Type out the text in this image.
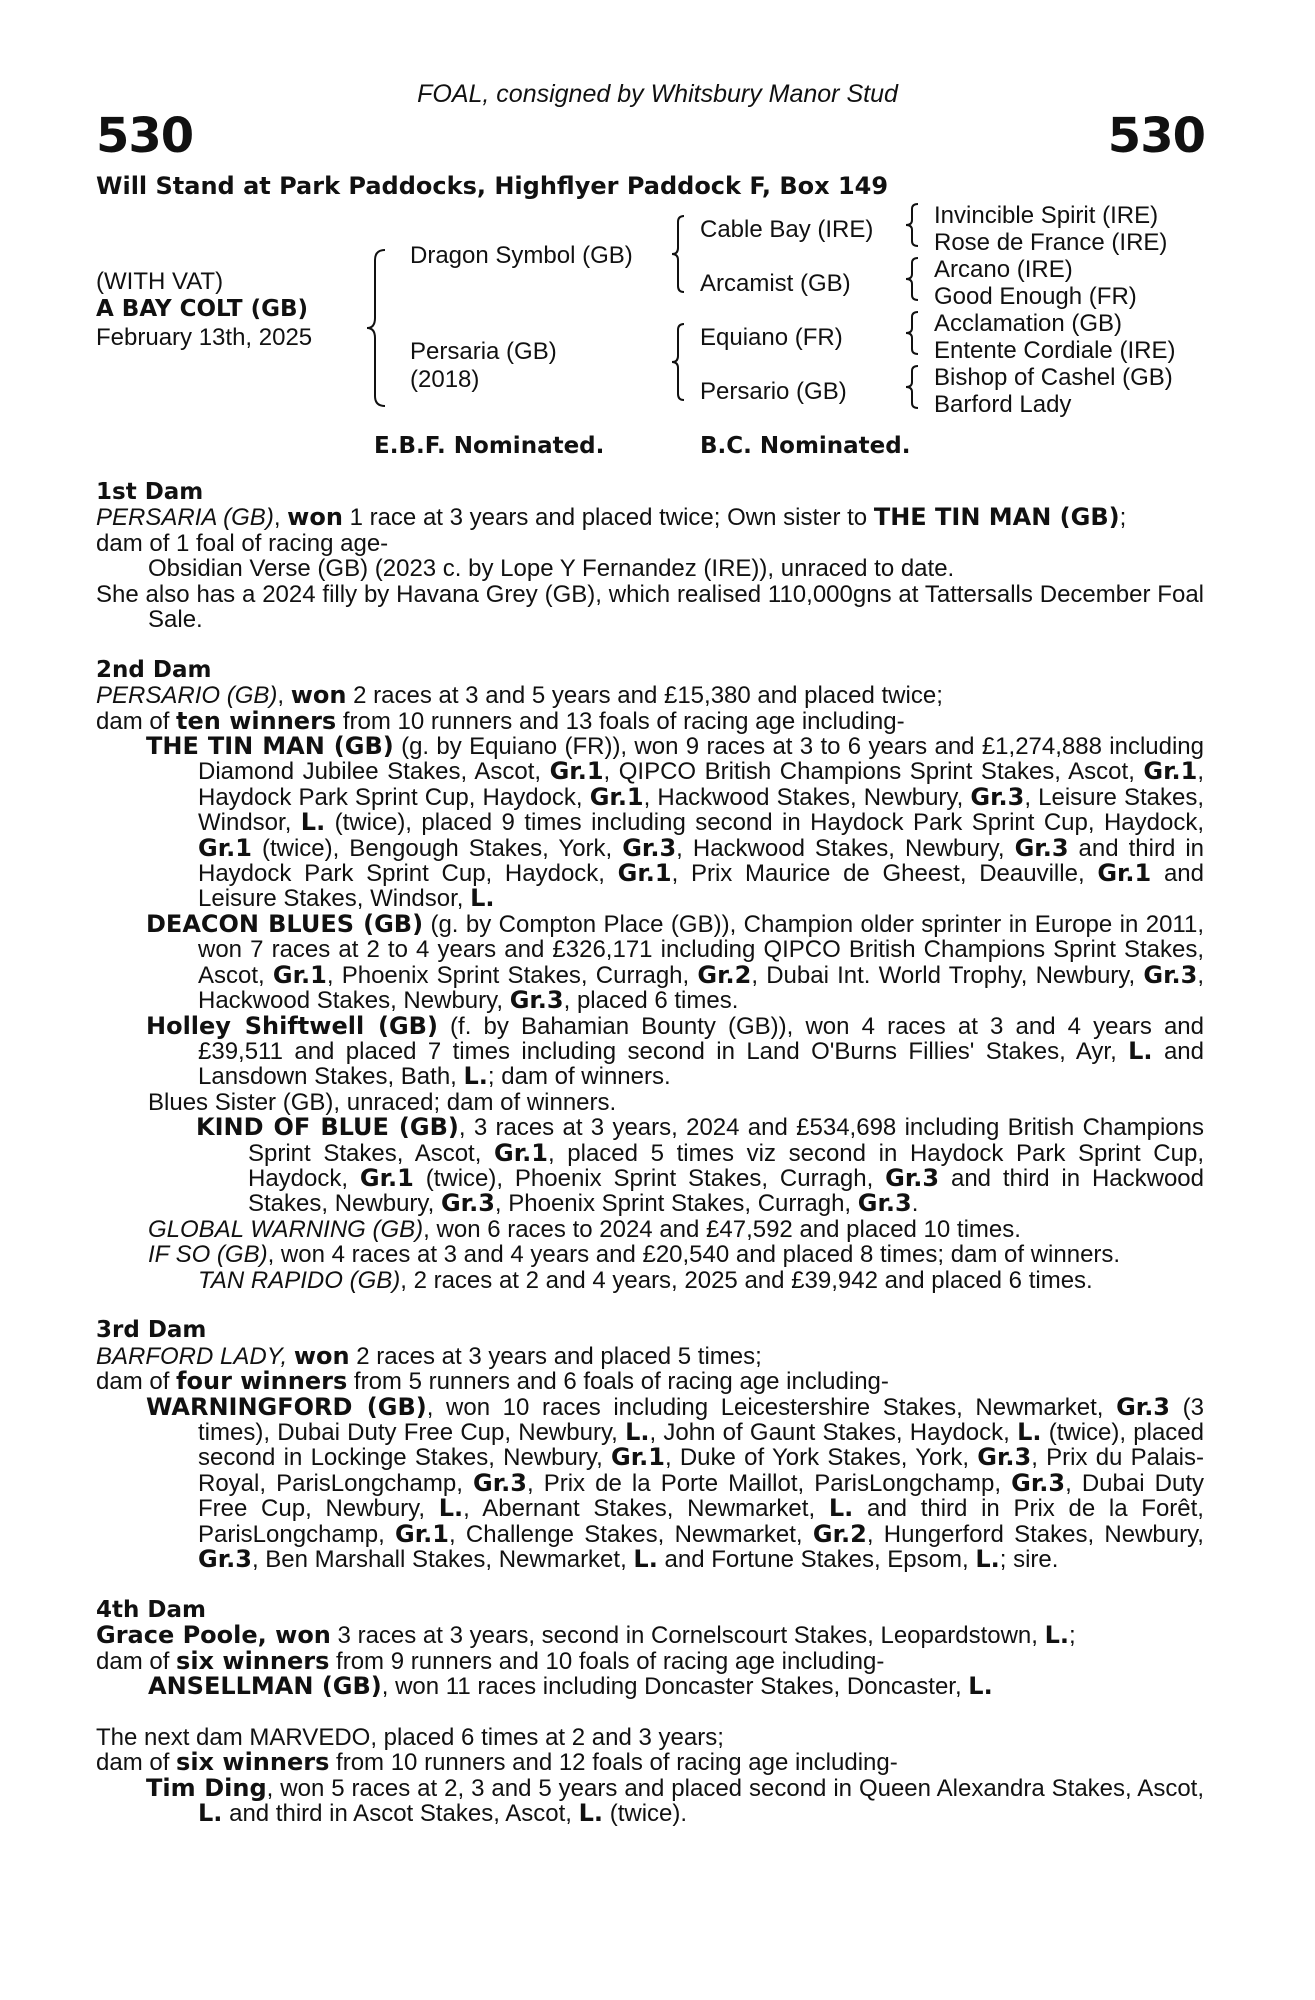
FOAL, consigned by Whitsbury Manor Stud
530	530
Will Stand at Park Paddocks, Highflyer Paddock F, Box 149
(WITH VAT)
A BAY COLT (GB)
February 13th, 2025
Dragon Symbol (GB)
Persaria (GB)
(2018)
Cable Bay (IRE)
Arcamist (GB)
Equiano (FR)
Persario (GB)
Invincible Spirit (IRE)
Rose de France (IRE)
Arcano (IRE)
Good Enough (FR)
Acclamation (GB)
Entente Cordiale (IRE)
Bishop of Cashel (GB)
Barford Lady
E.B.F. Nominated.	B.C. Nominated.
1st Dam
PERSARIA (GB), won 1 race at 3 years and placed twice; Own sister to THE TIN MAN (GB);
dam of 1 foal of racing age-
Obsidian Verse (GB) (2023 c. by Lope Y Fernandez (IRE)), unraced to date.
She also has a 2024 filly by Havana Grey (GB), which realised 110,000gns at Tattersalls December Foal Sale.
2nd Dam
PERSARIO (GB), won 2 races at 3 and 5 years and £15,380 and placed twice;
dam of ten winners from 10 runners and 13 foals of racing age including-
THE TIN MAN (GB) (g. by Equiano (FR)), won 9 races at 3 to 6 years and £1,274,888 including Diamond Jubilee Stakes, Ascot, Gr.1, QIPCO British Champions Sprint Stakes, Ascot, Gr.1, Haydock Park Sprint Cup, Haydock, Gr.1, Hackwood Stakes, Newbury, Gr.3, Leisure Stakes, Windsor, L. (twice), placed 9 times including second in Haydock Park Sprint Cup, Haydock, Gr.1 (twice), Bengough Stakes, York, Gr.3, Hackwood Stakes, Newbury, Gr.3 and third in Haydock Park Sprint Cup, Haydock, Gr.1, Prix Maurice de Gheest, Deauville, Gr.1 and Leisure Stakes, Windsor, L.
DEACON BLUES (GB) (g. by Compton Place (GB)), Champion older sprinter in Europe in 2011, won 7 races at 2 to 4 years and £326,171 including QIPCO British Champions Sprint Stakes, Ascot, Gr.1, Phoenix Sprint Stakes, Curragh, Gr.2, Dubai Int. World Trophy, Newbury, Gr.3, Hackwood Stakes, Newbury, Gr.3, placed 6 times.
Holley Shiftwell (GB) (f. by Bahamian Bounty (GB)), won 4 races at 3 and 4 years and £39,511 and placed 7 times including second in Land O'Burns Fillies' Stakes, Ayr, L. and Lansdown Stakes, Bath, L.; dam of winners.
Blues Sister (GB), unraced; dam of winners.
KIND OF BLUE (GB), 3 races at 3 years, 2024 and £534,698 including British Champions Sprint Stakes, Ascot, Gr.1, placed 5 times viz second in Haydock Park Sprint Cup, Haydock, Gr.1 (twice), Phoenix Sprint Stakes, Curragh, Gr.3 and third in Hackwood Stakes, Newbury, Gr.3, Phoenix Sprint Stakes, Curragh, Gr.3.
GLOBAL WARNING (GB), won 6 races to 2024 and £47,592 and placed 10 times.
IF SO (GB), won 4 races at 3 and 4 years and £20,540 and placed 8 times; dam of winners.
TAN RAPIDO (GB), 2 races at 2 and 4 years, 2025 and £39,942 and placed 6 times.
3rd Dam
BARFORD LADY, won 2 races at 3 years and placed 5 times;
dam of four winners from 5 runners and 6 foals of racing age including-
WARNINGFORD (GB), won 10 races including Leicestershire Stakes, Newmarket, Gr.3 (3 times), Dubai Duty Free Cup, Newbury, L., John of Gaunt Stakes, Haydock, L. (twice), placed second in Lockinge Stakes, Newbury, Gr.1, Duke of York Stakes, York, Gr.3, Prix du Palais-Royal, ParisLongchamp, Gr.3, Prix de la Porte Maillot, ParisLongchamp, Gr.3, Dubai Duty Free Cup, Newbury, L., Abernant Stakes, Newmarket, L. and third in Prix de la Forêt, ParisLongchamp, Gr.1, Challenge Stakes, Newmarket, Gr.2, Hungerford Stakes, Newbury, Gr.3, Ben Marshall Stakes, Newmarket, L. and Fortune Stakes, Epsom, L.; sire.
4th Dam
Grace Poole, won 3 races at 3 years, second in Cornelscourt Stakes, Leopardstown, L.;
dam of six winners from 9 runners and 10 foals of racing age including-
ANSELLMAN (GB), won 11 races including Doncaster Stakes, Doncaster, L.
The next dam MARVEDO, placed 6 times at 2 and 3 years;
dam of six winners from 10 runners and 12 foals of racing age including-
Tim Ding, won 5 races at 2, 3 and 5 years and placed second in Queen Alexandra Stakes, Ascot, L. and third in Ascot Stakes, Ascot, L. (twice).
